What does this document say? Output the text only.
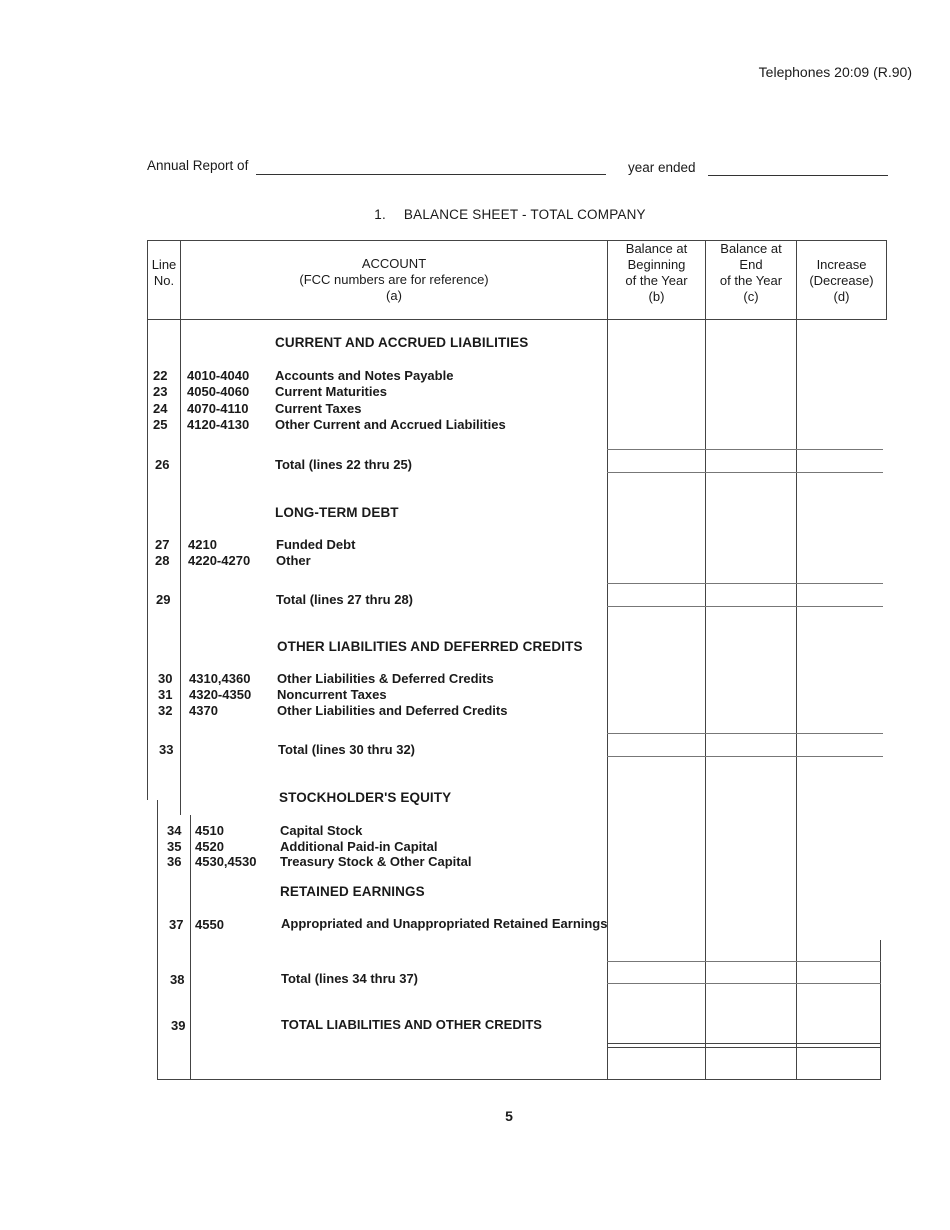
Telephones 20:09 (R.90)
Annual Report of	year ended
1. BALANCE SHEET - TOTAL COMPANY
Line
No.
ACCOUNT
(FCC numbers are for reference)
(a)
Balance at
Beginning
of the Year
(b)
Balance at
End
of the Year
(c)
Increase
(Decrease)
(d)
CURRENT AND ACCRUED LIABILITIES
22 4010-4040 Accounts and Notes Payable
23 4050-4060 Current Maturities
24 4070-4110 Current Taxes
25 4120-4130 Other Current and Accrued Liabilities
26	Total (lines 22 thru 25)
LONG-TERM DEBT
27 4210	Funded Debt
28 4220-4270 Other
29	Total (lines 27 thru 28)
OTHER LIABILITIES AND DEFERRED CREDITS
30 4310,4360 Other Liabilities & Deferred Credits
31 4320-4350 Noncurrent Taxes
32 4370	Other Liabilities and Deferred Credits
33	Total (lines 30 thru 32)
STOCKHOLDER'S EQUITY
34 4510	Capital Stock
35 4520	Additional Paid-in Capital
36 4530,4530 Treasury Stock & Other Capital
RETAINED EARNINGS
37 4550	Appropriated and Unappropriated Retained Earnings
38	Total (lines 34 thru 37)
39	TOTAL LIABILITIES AND OTHER CREDITS
5
